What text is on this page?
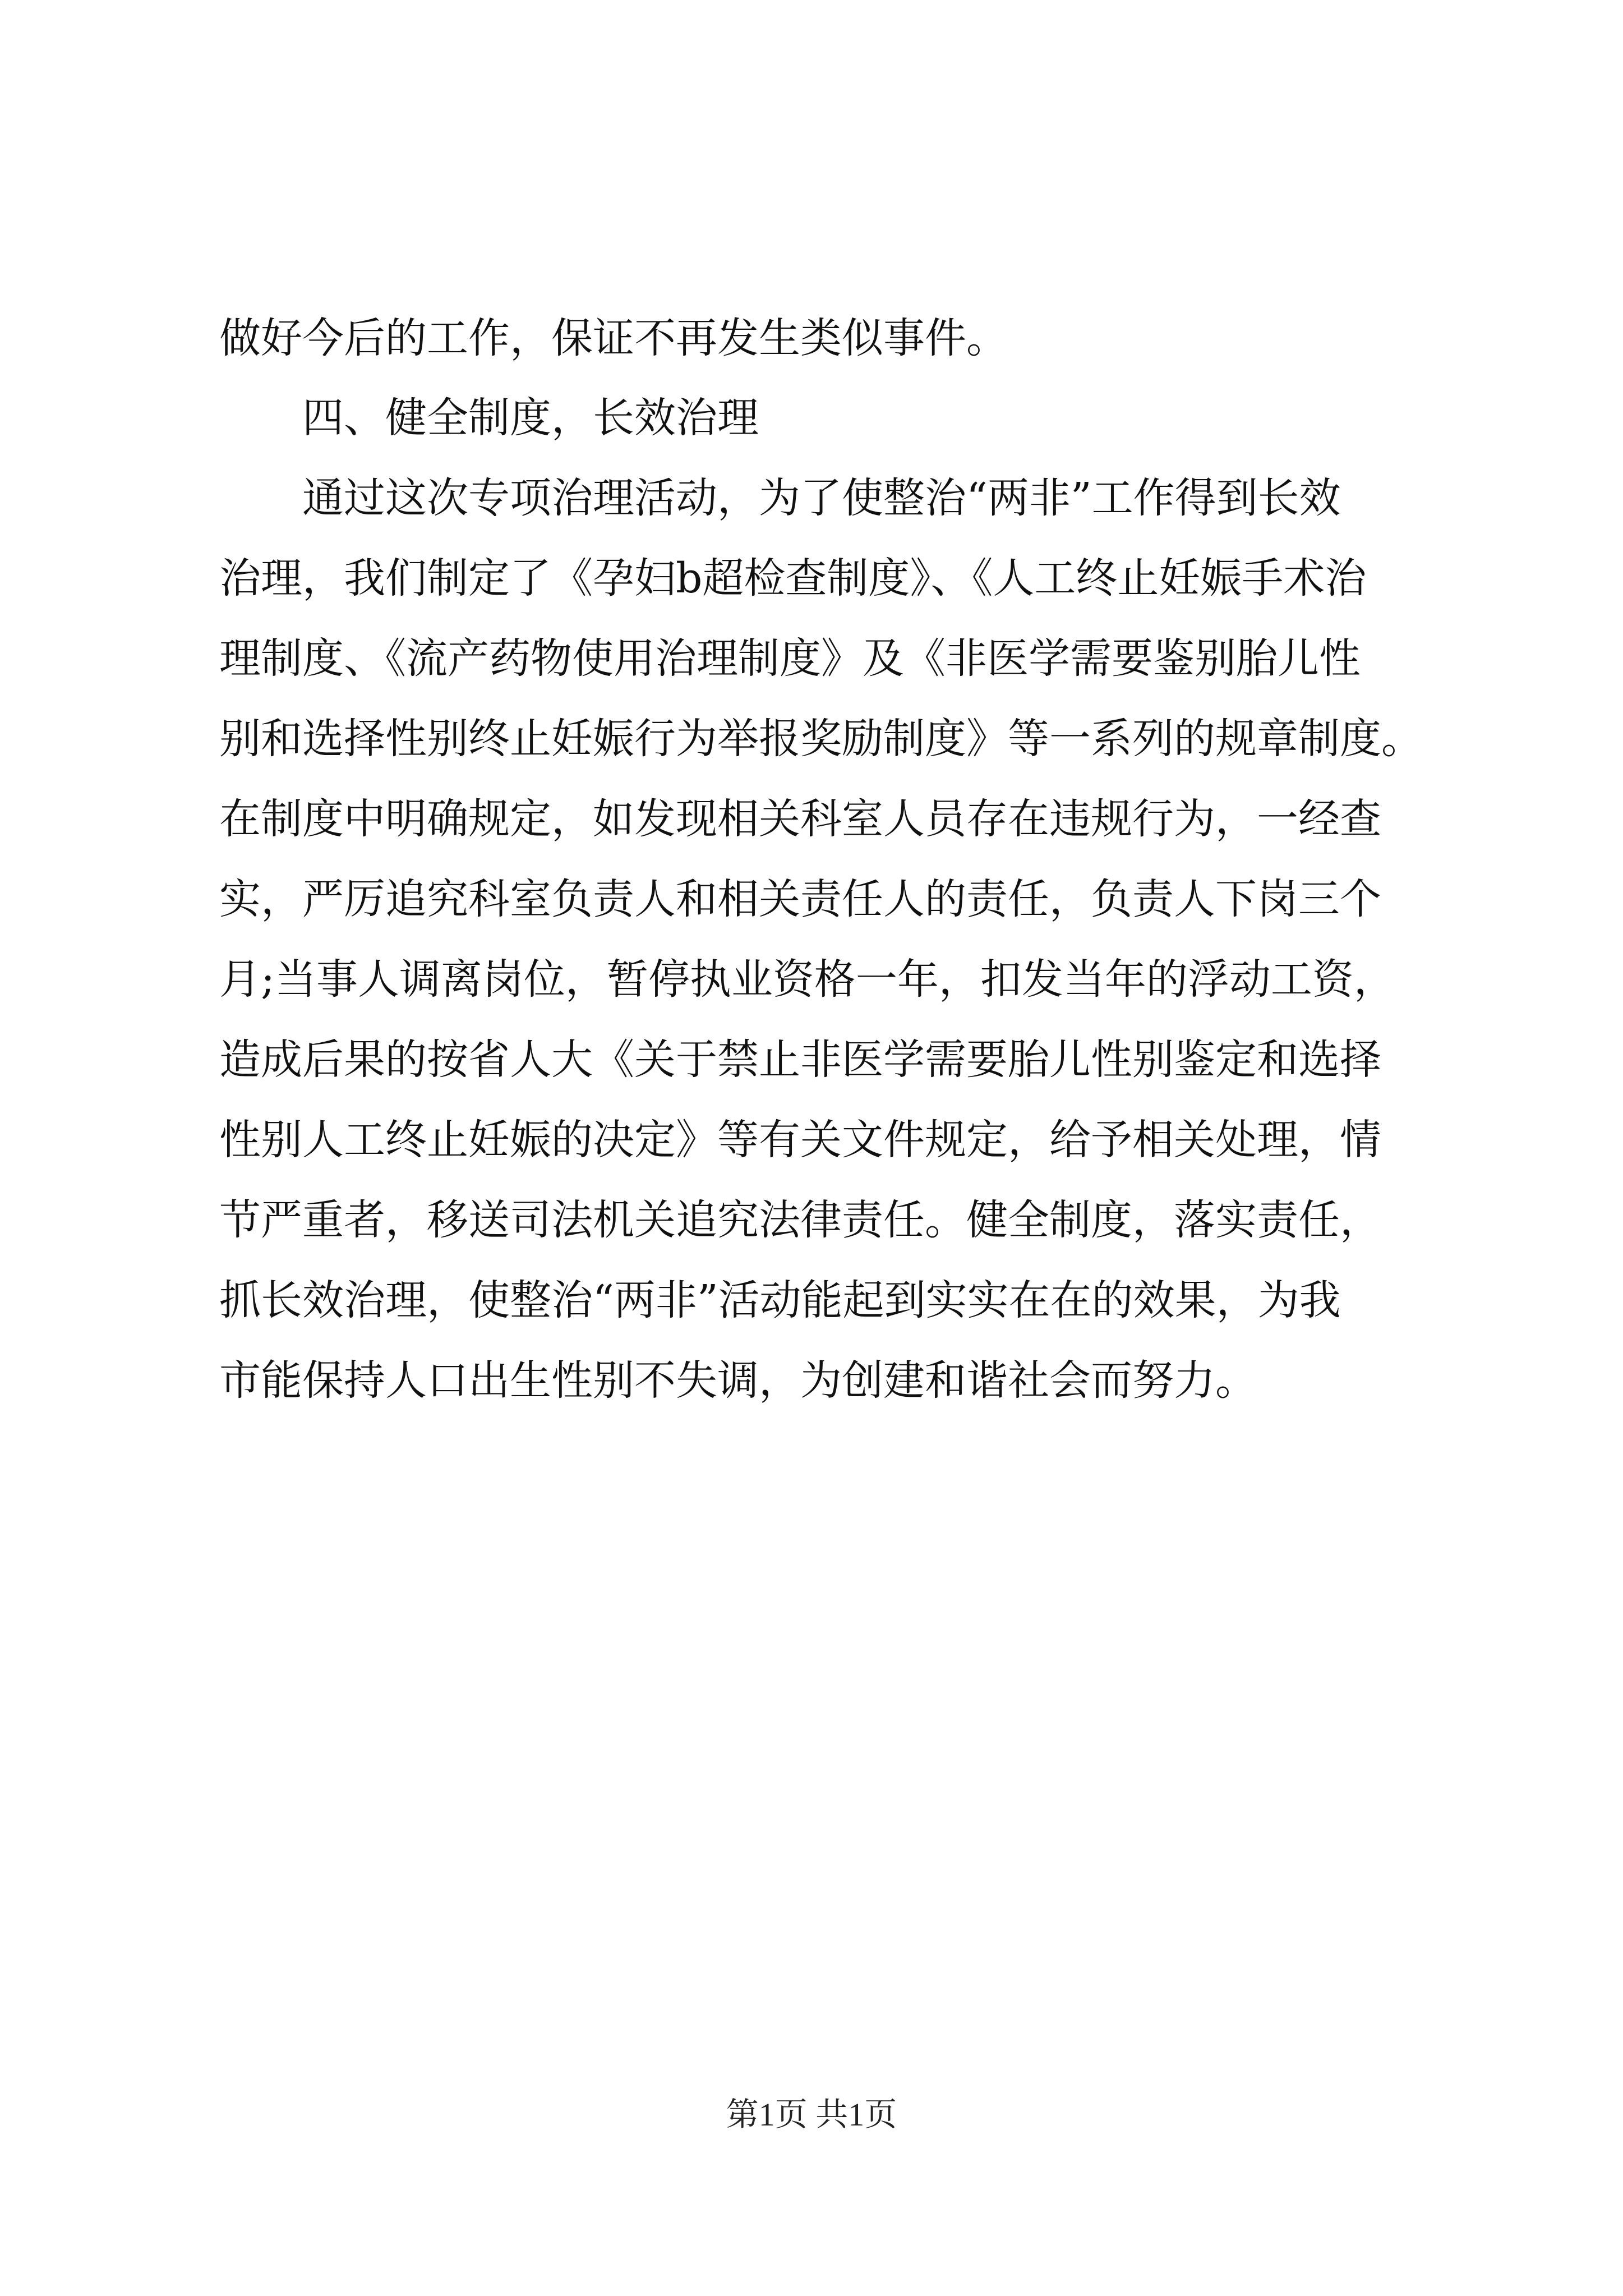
做好今后的工作，保证不再发生类似事件。
　　四、健全制度，长效治理
　　通过这次专项治理活动，为了使整治“两非”工作得到长效
治理，我们制定了《孕妇b超检查制度》、《人工终止妊娠手术治
理制度、《流产药物使用治理制度》及《非医学需要鉴别胎儿性
别和选择性别终止妊娠行为举报奖励制度》等一系列的规章制度。
在制度中明确规定，如发现相关科室人员存在违规行为，一经查
实，严厉追究科室负责人和相关责任人的责任，负责人下岗三个
月;当事人调离岗位，暂停执业资格一年，扣发当年的浮动工资，
造成后果的按省人大《关于禁止非医学需要胎儿性别鉴定和选择
性别人工终止妊娠的决定》等有关文件规定，给予相关处理，情
节严重者，移送司法机关追究法律责任。健全制度，落实责任，
抓长效治理，使整治“两非”活动能起到实实在在的效果，为我
市能保持人口出生性别不失调，为创建和谐社会而努力。
第1页 共1页
